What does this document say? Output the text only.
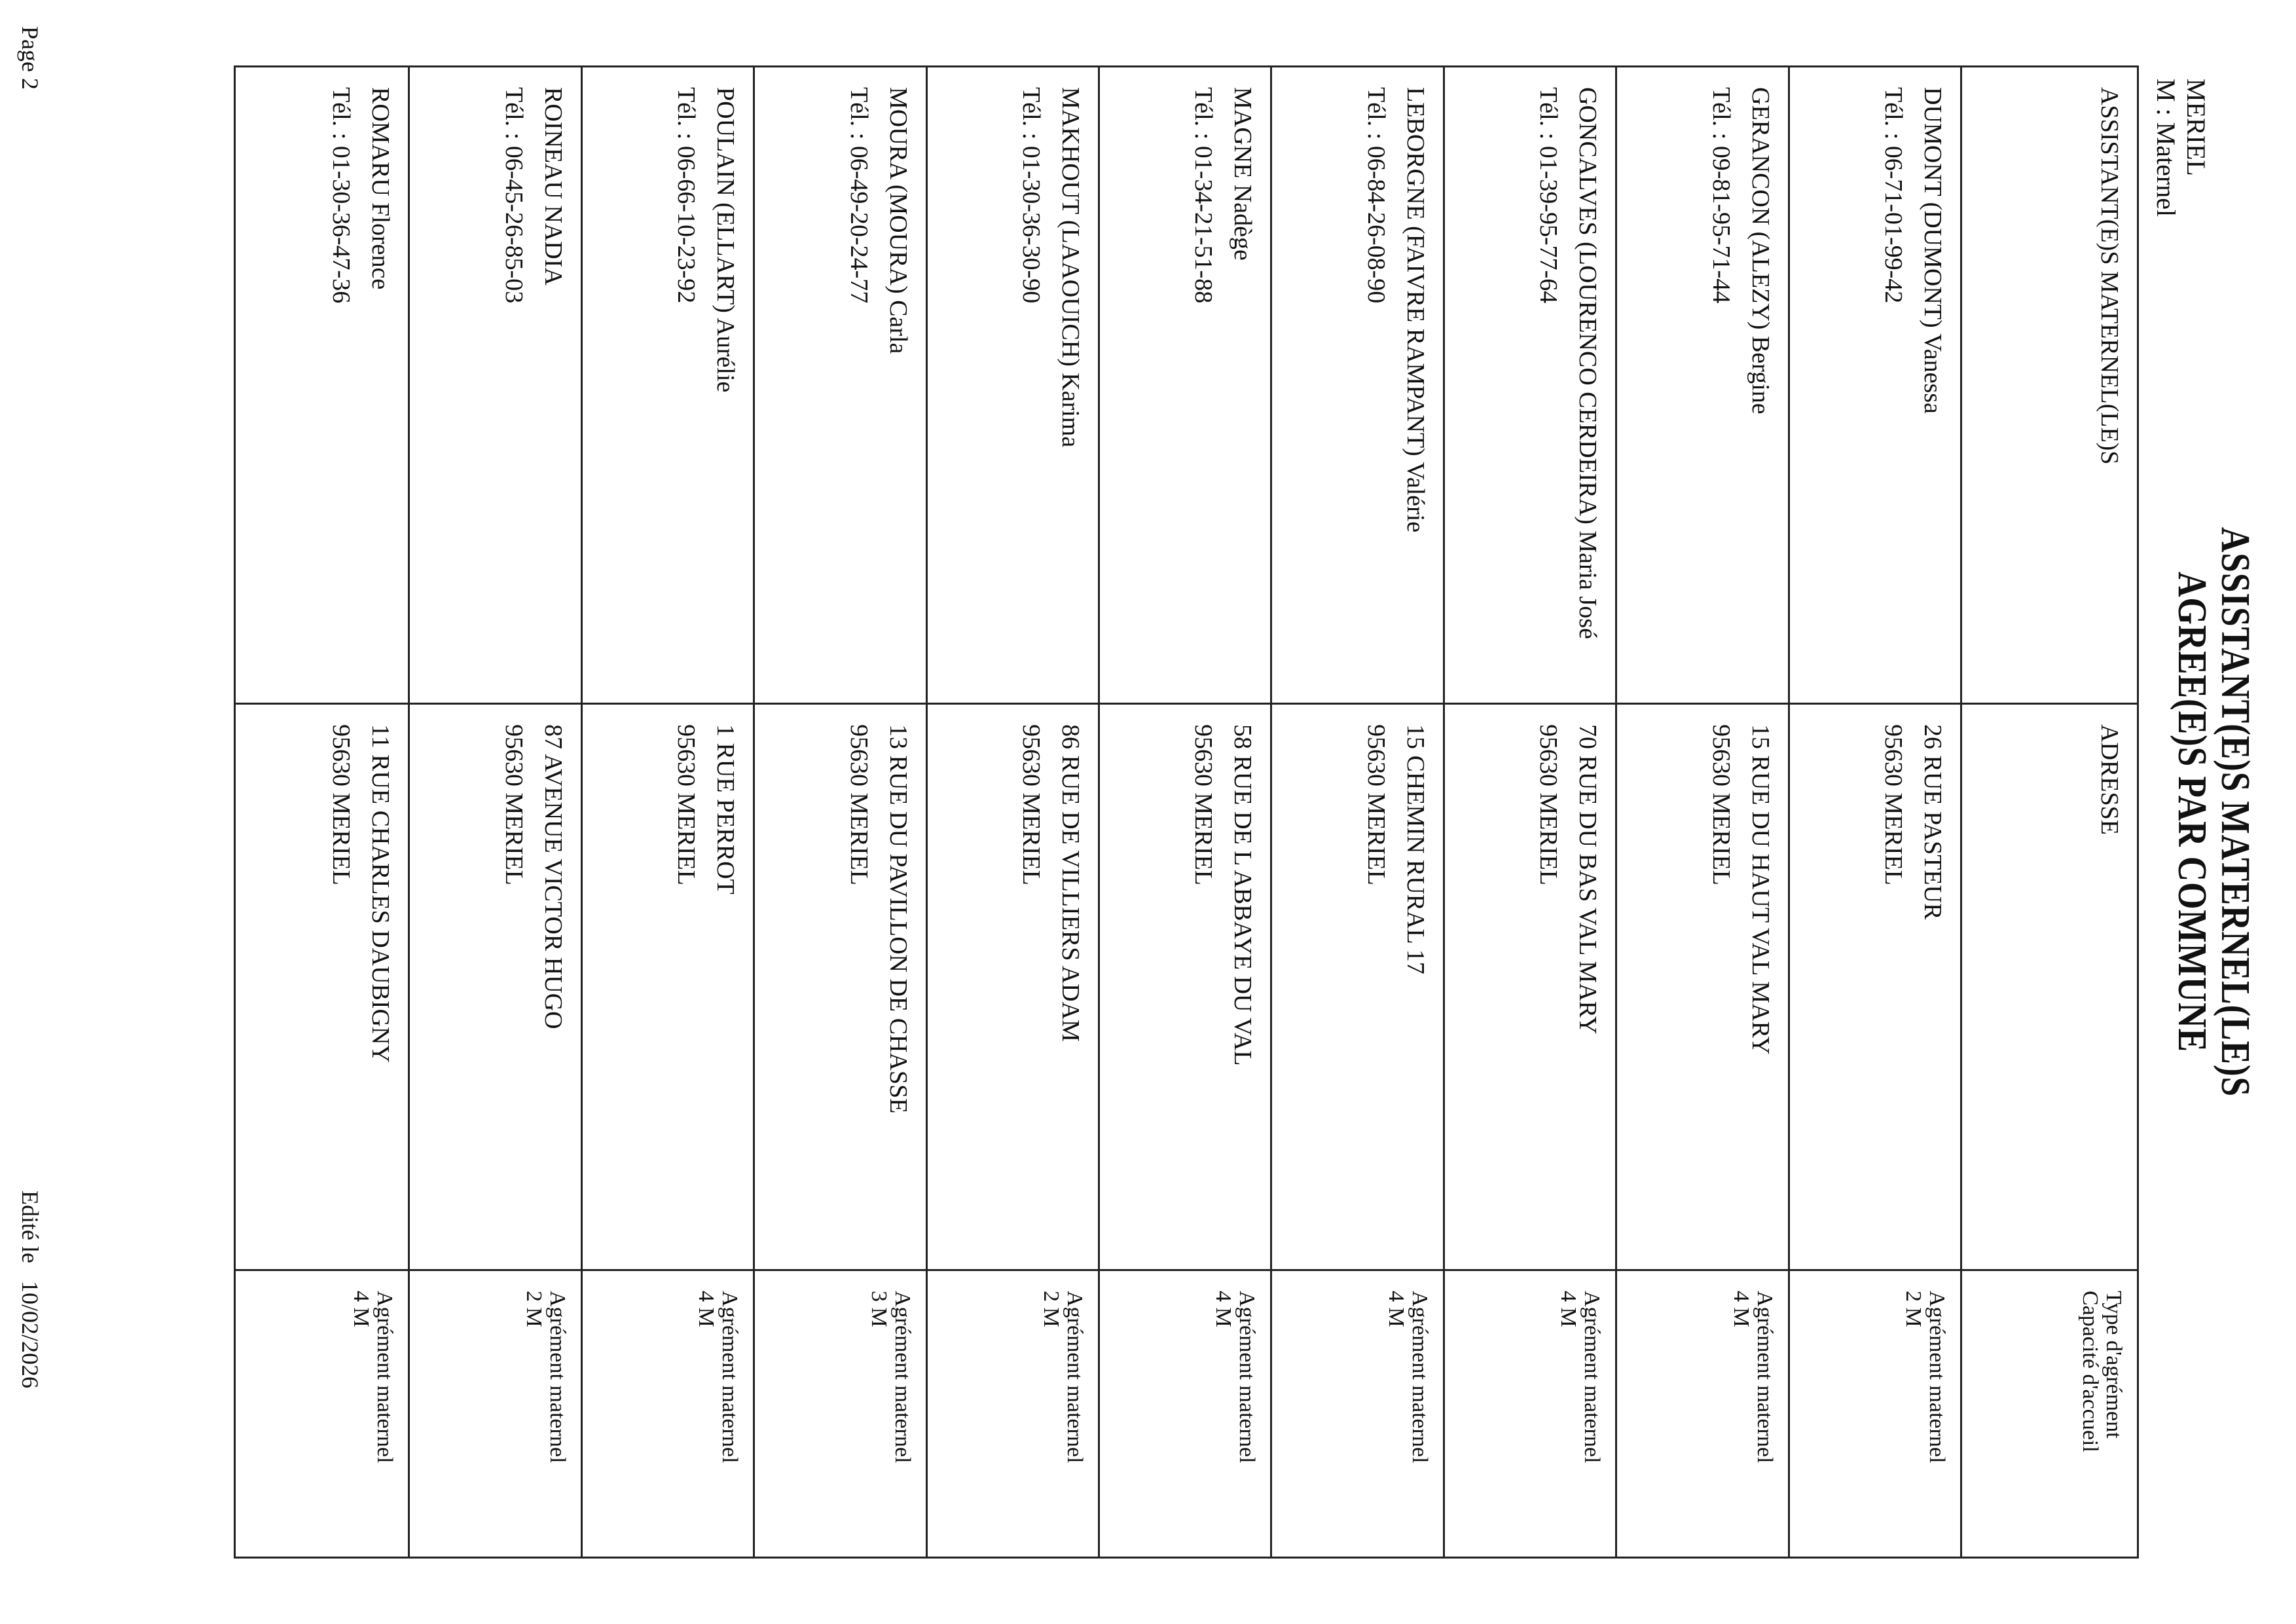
ASSISTANT(E)S MATERNEL(LE)S
AGREE(E)S PAR COMMUNE
MERIEL
M : Maternel
ASSISTANT(E)S MATERNEL(LE)S
ADRESSE
Type d'agrément
Capacité d'accueil
DUMONT (DUMONT) Vanessa
Tél. : 06-71-01-99-42
26 RUE PASTEUR
95630 MERIEL
Agrément maternel
2 M
GERANCON (ALEZY) Bergine
Tél. : 09-81-95-71-44
15 RUE DU HAUT VAL MARY
95630 MERIEL
Agrément maternel
4 M
GONCALVES (LOURENCO CERDEIRA) Maria José
Tél. : 01-39-95-77-64
70 RUE DU BAS VAL MARY
95630 MERIEL
Agrément maternel
4 M
LEBORGNE (FAIVRE RAMPANT) Valérie
Tél. : 06-84-26-08-90
15 CHEMIN RURAL 17
95630 MERIEL
Agrément maternel
4 M
MAGNE Nadège
Tél. : 01-34-21-51-88
58 RUE DE L ABBAYE DU VAL
95630 MERIEL
Agrément maternel
4 M
MAKHOUT (LAAOUICH) Karima
Tél. : 01-30-36-30-90
86 RUE DE VILLIERS ADAM
95630 MERIEL
Agrément maternel
2 M
MOURA (MOURA) Carla
Tél. : 06-49-20-24-77
13 RUE DU PAVILLON DE CHASSE
95630 MERIEL
Agrément maternel
3 M
POULAIN (ELLART) Aurélie
Tél. : 06-66-10-23-92
1 RUE PERROT
95630 MERIEL
Agrément maternel
4 M
ROINEAU NADIA
Tél. : 06-45-26-85-03
87 AVENUE VICTOR HUGO
95630 MERIEL
Agrément maternel
2 M
ROMARU Florence
Tél. : 01-30-36-47-36
11 RUE CHARLES DAUBIGNY
95630 MERIEL
Agrément maternel
4 M
Page 2
Edité le   10/02/2026
